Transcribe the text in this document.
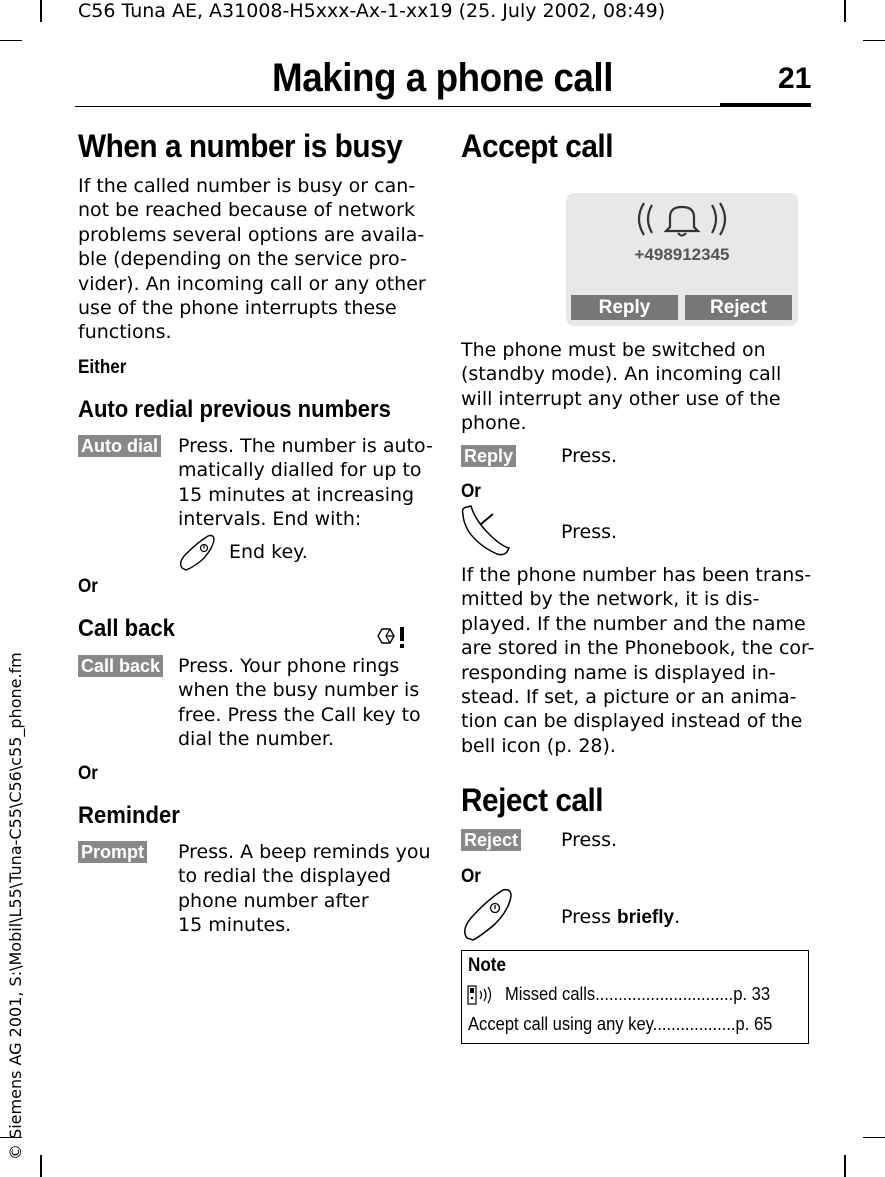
C56 Tuna AE, A31008-H5xxx-Ax-1-xx19 (25. July 2002, 08:49)
Making a phone call	21
© Siemens AG 2001, S:\Mobil\L55\Tuna-C55\C56\c55_phone.fm
When a number is busy

If the called number is busy or can-

not be reached because of network

problems several options are availa-

ble (depending on the service pro-

vider). An incoming call or any other

use of the phone interrupts these

functions.

Either
Auto redial previous numbers
Auto dial Press. The number is auto-

matically dialled for up to

15 minutes at increasing

intervals. End with:

End key.
Or
Call back
Call back Press. Your phone rings

when the busy number is

free. Press the Call key to

dial the number.

Or
Reminder
Prompt Press. A beep reminds you

to redial the displayed

phone number after

15 minutes.

Accept call
+498912345
Reply	Reject

The phone must be switched on

(standby mode). An incoming call

will interrupt any other use of the

phone.

Reply	Press.
Or
Press.

If the phone number has been trans-

mitted by the network, it is dis-

played. If the number and the name

are stored in the Phonebook, the cor-

responding name is displayed in-

stead. If set, a picture or an anima-

tion can be displayed instead of the

bell icon (p. 28).

Reject call
Reject Press.
Or
Press briefly.
Note
Missed calls..............................p. 33
Accept call using any key..................p. 65
